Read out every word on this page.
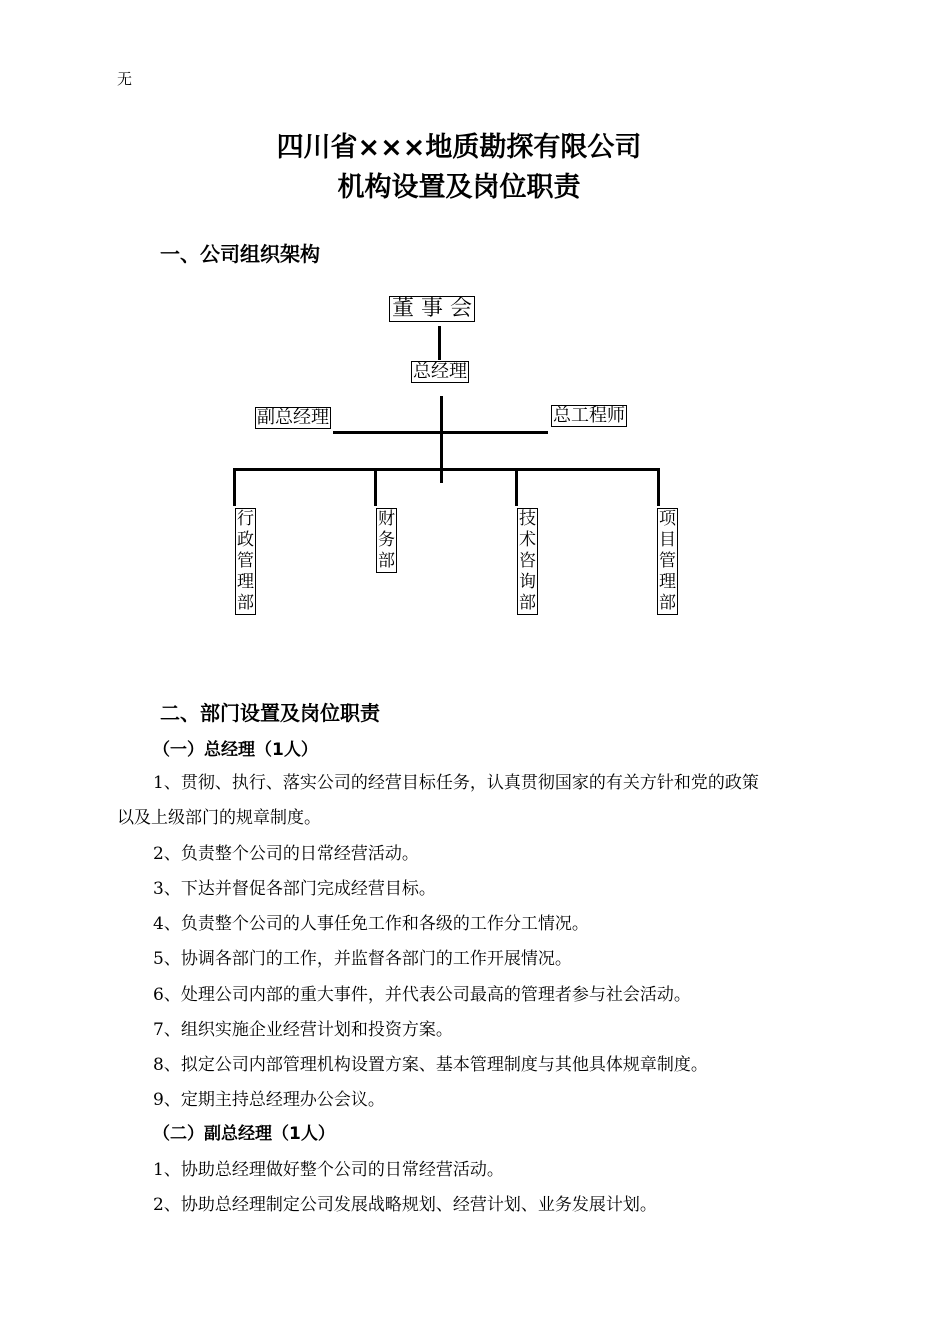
无
四川省×××地质勘探有限公司
机构设置及岗位职责
一、公司组织架构
董 事 会
总经理
副总经理	总工程师
行
政
管
理
部
财
务
部
技
术
咨
询
部
项
目
管
理
部
二、部门设置及岗位职责
（一）总经理（1人）
1、贯彻、执行、落实公司的经营目标任务，认真贯彻国家的有关方针和党的政策
以及上级部门的规章制度。
2、负责整个公司的日常经营活动。
3、下达并督促各部门完成经营目标。
4、负责整个公司的人事任免工作和各级的工作分工情况。
5、协调各部门的工作，并监督各部门的工作开展情况。
6、处理公司内部的重大事件，并代表公司最高的管理者参与社会活动。
7、组织实施企业经营计划和投资方案。
8、拟定公司内部管理机构设置方案、基本管理制度与其他具体规章制度。
9、定期主持总经理办公会议。
（二）副总经理（1人）
1、协助总经理做好整个公司的日常经营活动。
2、协助总经理制定公司发展战略规划、经营计划、业务发展计划。
